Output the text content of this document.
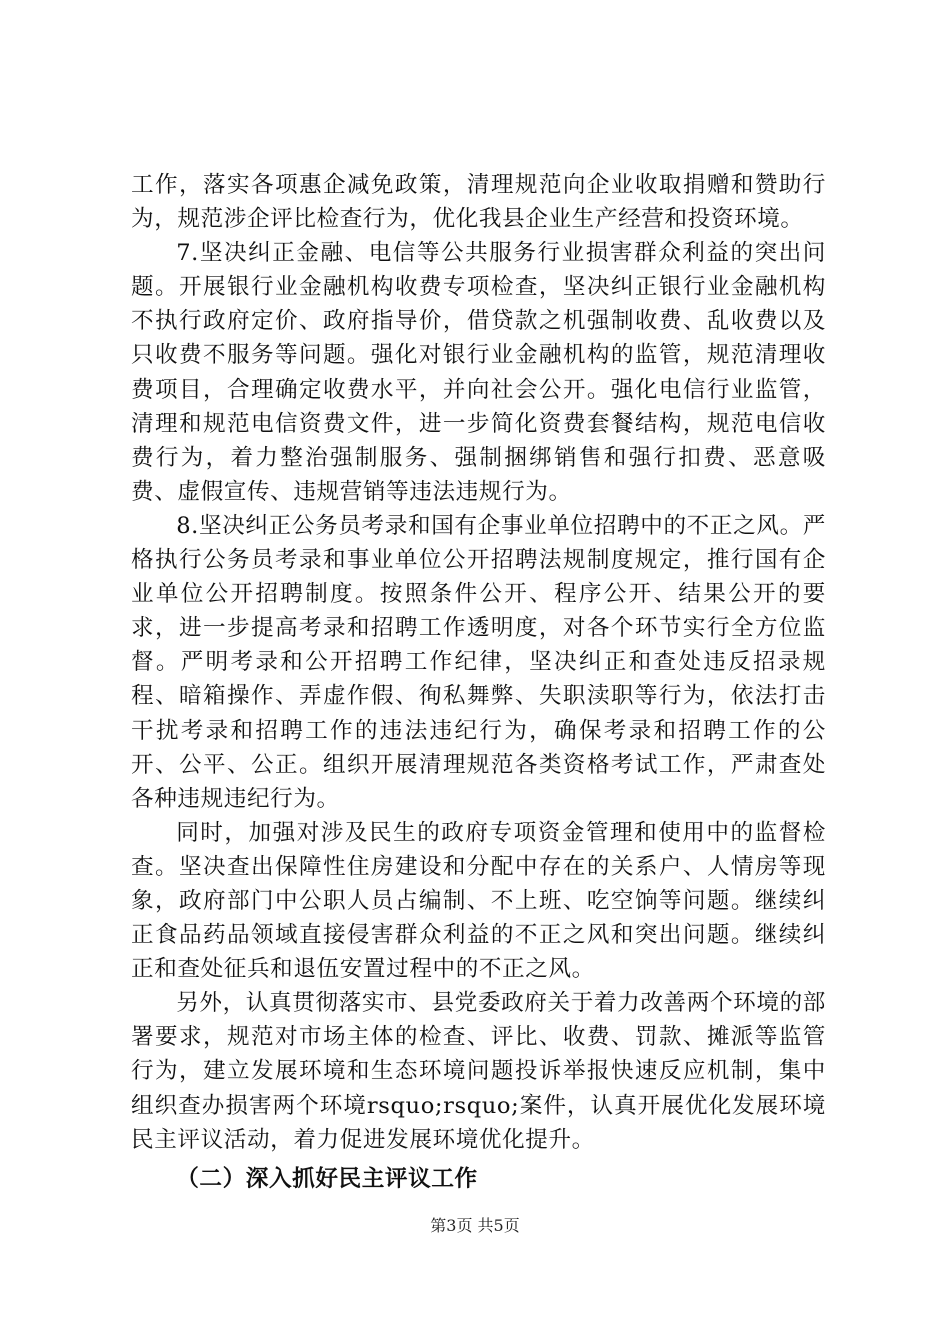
工作，落实各项惠企减免政策，清理规范向企业收取捐赠和赞助行为，规范涉企评比检查行为，优化我县企业生产经营和投资环境。

7.坚决纠正金融、电信等公共服务行业损害群众利益的突出问题。开展银行业金融机构收费专项检查，坚决纠正银行业金融机构不执行政府定价、政府指导价，借贷款之机强制收费、乱收费以及只收费不服务等问题。强化对银行业金融机构的监管，规范清理收费项目，合理确定收费水平，并向社会公开。强化电信行业监管，清理和规范电信资费文件，进一步简化资费套餐结构，规范电信收费行为，着力整治强制服务、强制捆绑销售和强行扣费、恶意吸费、虚假宣传、违规营销等违法违规行为。

8.坚决纠正公务员考录和国有企事业单位招聘中的不正之风。严格执行公务员考录和事业单位公开招聘法规制度规定，推行国有企业单位公开招聘制度。按照条件公开、程序公开、结果公开的要求，进一步提高考录和招聘工作透明度，对各个环节实行全方位监督。严明考录和公开招聘工作纪律，坚决纠正和查处违反招录规程、暗箱操作、弄虚作假、徇私舞弊、失职渎职等行为，依法打击干扰考录和招聘工作的违法违纪行为，确保考录和招聘工作的公开、公平、公正。组织开展清理规范各类资格考试工作，严肃查处各种违规违纪行为。

同时，加强对涉及民生的政府专项资金管理和使用中的监督检查。坚决查出保障性住房建设和分配中存在的关系户、人情房等现象，政府部门中公职人员占编制、不上班、吃空饷等问题。继续纠正食品药品领域直接侵害群众利益的不正之风和突出问题。继续纠正和查处征兵和退伍安置过程中的不正之风。

另外，认真贯彻落实市、县党委政府关于着力改善两个环境的部署要求，规范对市场主体的检查、评比、收费、罚款、摊派等监管行为，建立发展环境和生态环境问题投诉举报快速反应机制，集中组织查办损害两个环境rsquo;rsquo;案件，认真开展优化发展环境民主评议活动，着力促进发展环境优化提升。

（二）深入抓好民主评议工作

第3页 共5页
